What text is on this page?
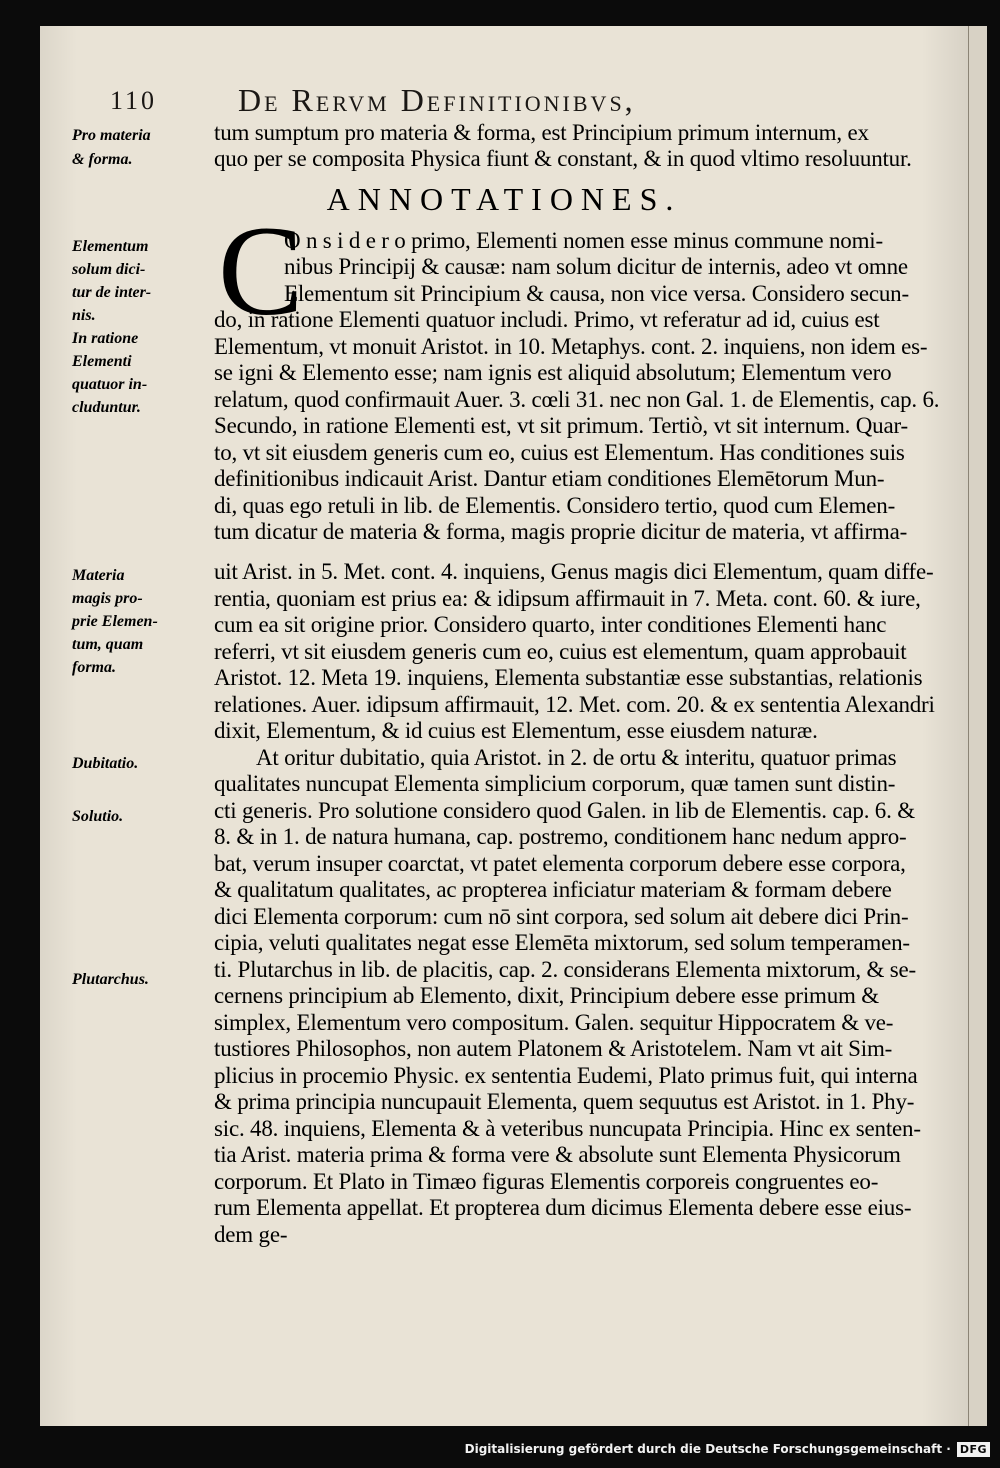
110	De Rervm Definitionibvs,
Pro materia
& forma.
Elementum
solum dici-
tur de inter-
nis.
In ratione
Elementi
quatuor in-
cluduntur.
Materia
magis pro-
prie Elemen-
tum, quam
forma.
Dubitatio.
Solutio.
Plutarchus.
ANNOTATIONES.
C
tum sumptum pro materia & forma, est Principium primum internum, ex
quo per se composita Physica fiunt & constant, & in quod vltimo resoluuntur.
O n s i d e r o primo, Elementi nomen esse minus commune nomi-
nibus Principij & causæ: nam solum dicitur de internis, adeo vt omne
Elementum sit Principium & causa, non vice versa. Considero secun-
do, in ratione Elementi quatuor includi. Primo, vt referatur ad id, cuius est
Elementum, vt monuit Aristot. in 10. Metaphys. cont. 2. inquiens, non idem es-
se igni & Elemento esse; nam ignis est aliquid absolutum; Elementum vero
relatum, quod confirmauit Auer. 3. cœli 31. nec non Gal. 1. de Elementis, cap. 6.
Secundo, in ratione Elementi est, vt sit primum. Tertiò, vt sit internum. Quar-
to, vt sit eiusdem generis cum eo, cuius est Elementum. Has conditiones suis
definitionibus indicauit Arist. Dantur etiam conditiones Elemētorum Mun-
di, quas ego retuli in lib. de Elementis. Considero tertio, quod cum Elemen-
tum dicatur de materia & forma, magis proprie dicitur de materia, vt affirma-
uit Arist. in 5. Met. cont. 4. inquiens, Genus magis dici Elementum, quam diffe-
rentia, quoniam est prius ea: & idipsum affirmauit in 7. Meta. cont. 60. & iure,
cum ea sit origine prior. Considero quarto, inter conditiones Elementi hanc
referri, vt sit eiusdem generis cum eo, cuius est elementum, quam approbauit
Aristot. 12. Meta 19. inquiens, Elementa substantiæ esse substantias, relationis
relationes. Auer. idipsum affirmauit, 12. Met. com. 20. & ex sententia Alexandri
dixit, Elementum, & id cuius est Elementum, esse eiusdem naturæ.
At oritur dubitatio, quia Aristot. in 2. de ortu & interitu, quatuor primas
qualitates nuncupat Elementa simplicium corporum, quæ tamen sunt distin-
cti generis. Pro solutione considero quod Galen. in lib de Elementis. cap. 6. &
8. & in 1. de natura humana, cap. postremo, conditionem hanc nedum appro-
bat, verum insuper coarctat, vt patet elementa corporum debere esse corpora,
& qualitatum qualitates, ac propterea inficiatur materiam & formam debere
dici Elementa corporum: cum nō sint corpora, sed solum ait debere dici Prin-
cipia, veluti qualitates negat esse Elemēta mixtorum, sed solum temperamen-
ti. Plutarchus in lib. de placitis, cap. 2. considerans Elementa mixtorum, & se-
cernens principium ab Elemento, dixit, Principium debere esse primum &
simplex, Elementum vero compositum. Galen. sequitur Hippocratem & ve-
tustiores Philosophos, non autem Platonem & Aristotelem. Nam vt ait Sim-
plicius in procemio Physic. ex sententia Eudemi, Plato primus fuit, qui interna
& prima principia nuncupauit Elementa, quem sequutus est Aristot. in 1. Phy-
sic. 48. inquiens, Elementa & à veteribus nuncupata Principia. Hinc ex senten-
tia Arist. materia prima & forma vere & absolute sunt Elementa Physicorum
corporum. Et Plato in Timæo figuras Elementis corporeis congruentes eo-
rum Elementa appellat. Et propterea dum dicimus Elementa debere esse eius-
dem ge-
Digitalisierung gefördert durch die Deutsche Forschungsgemeinschaft · DFG
